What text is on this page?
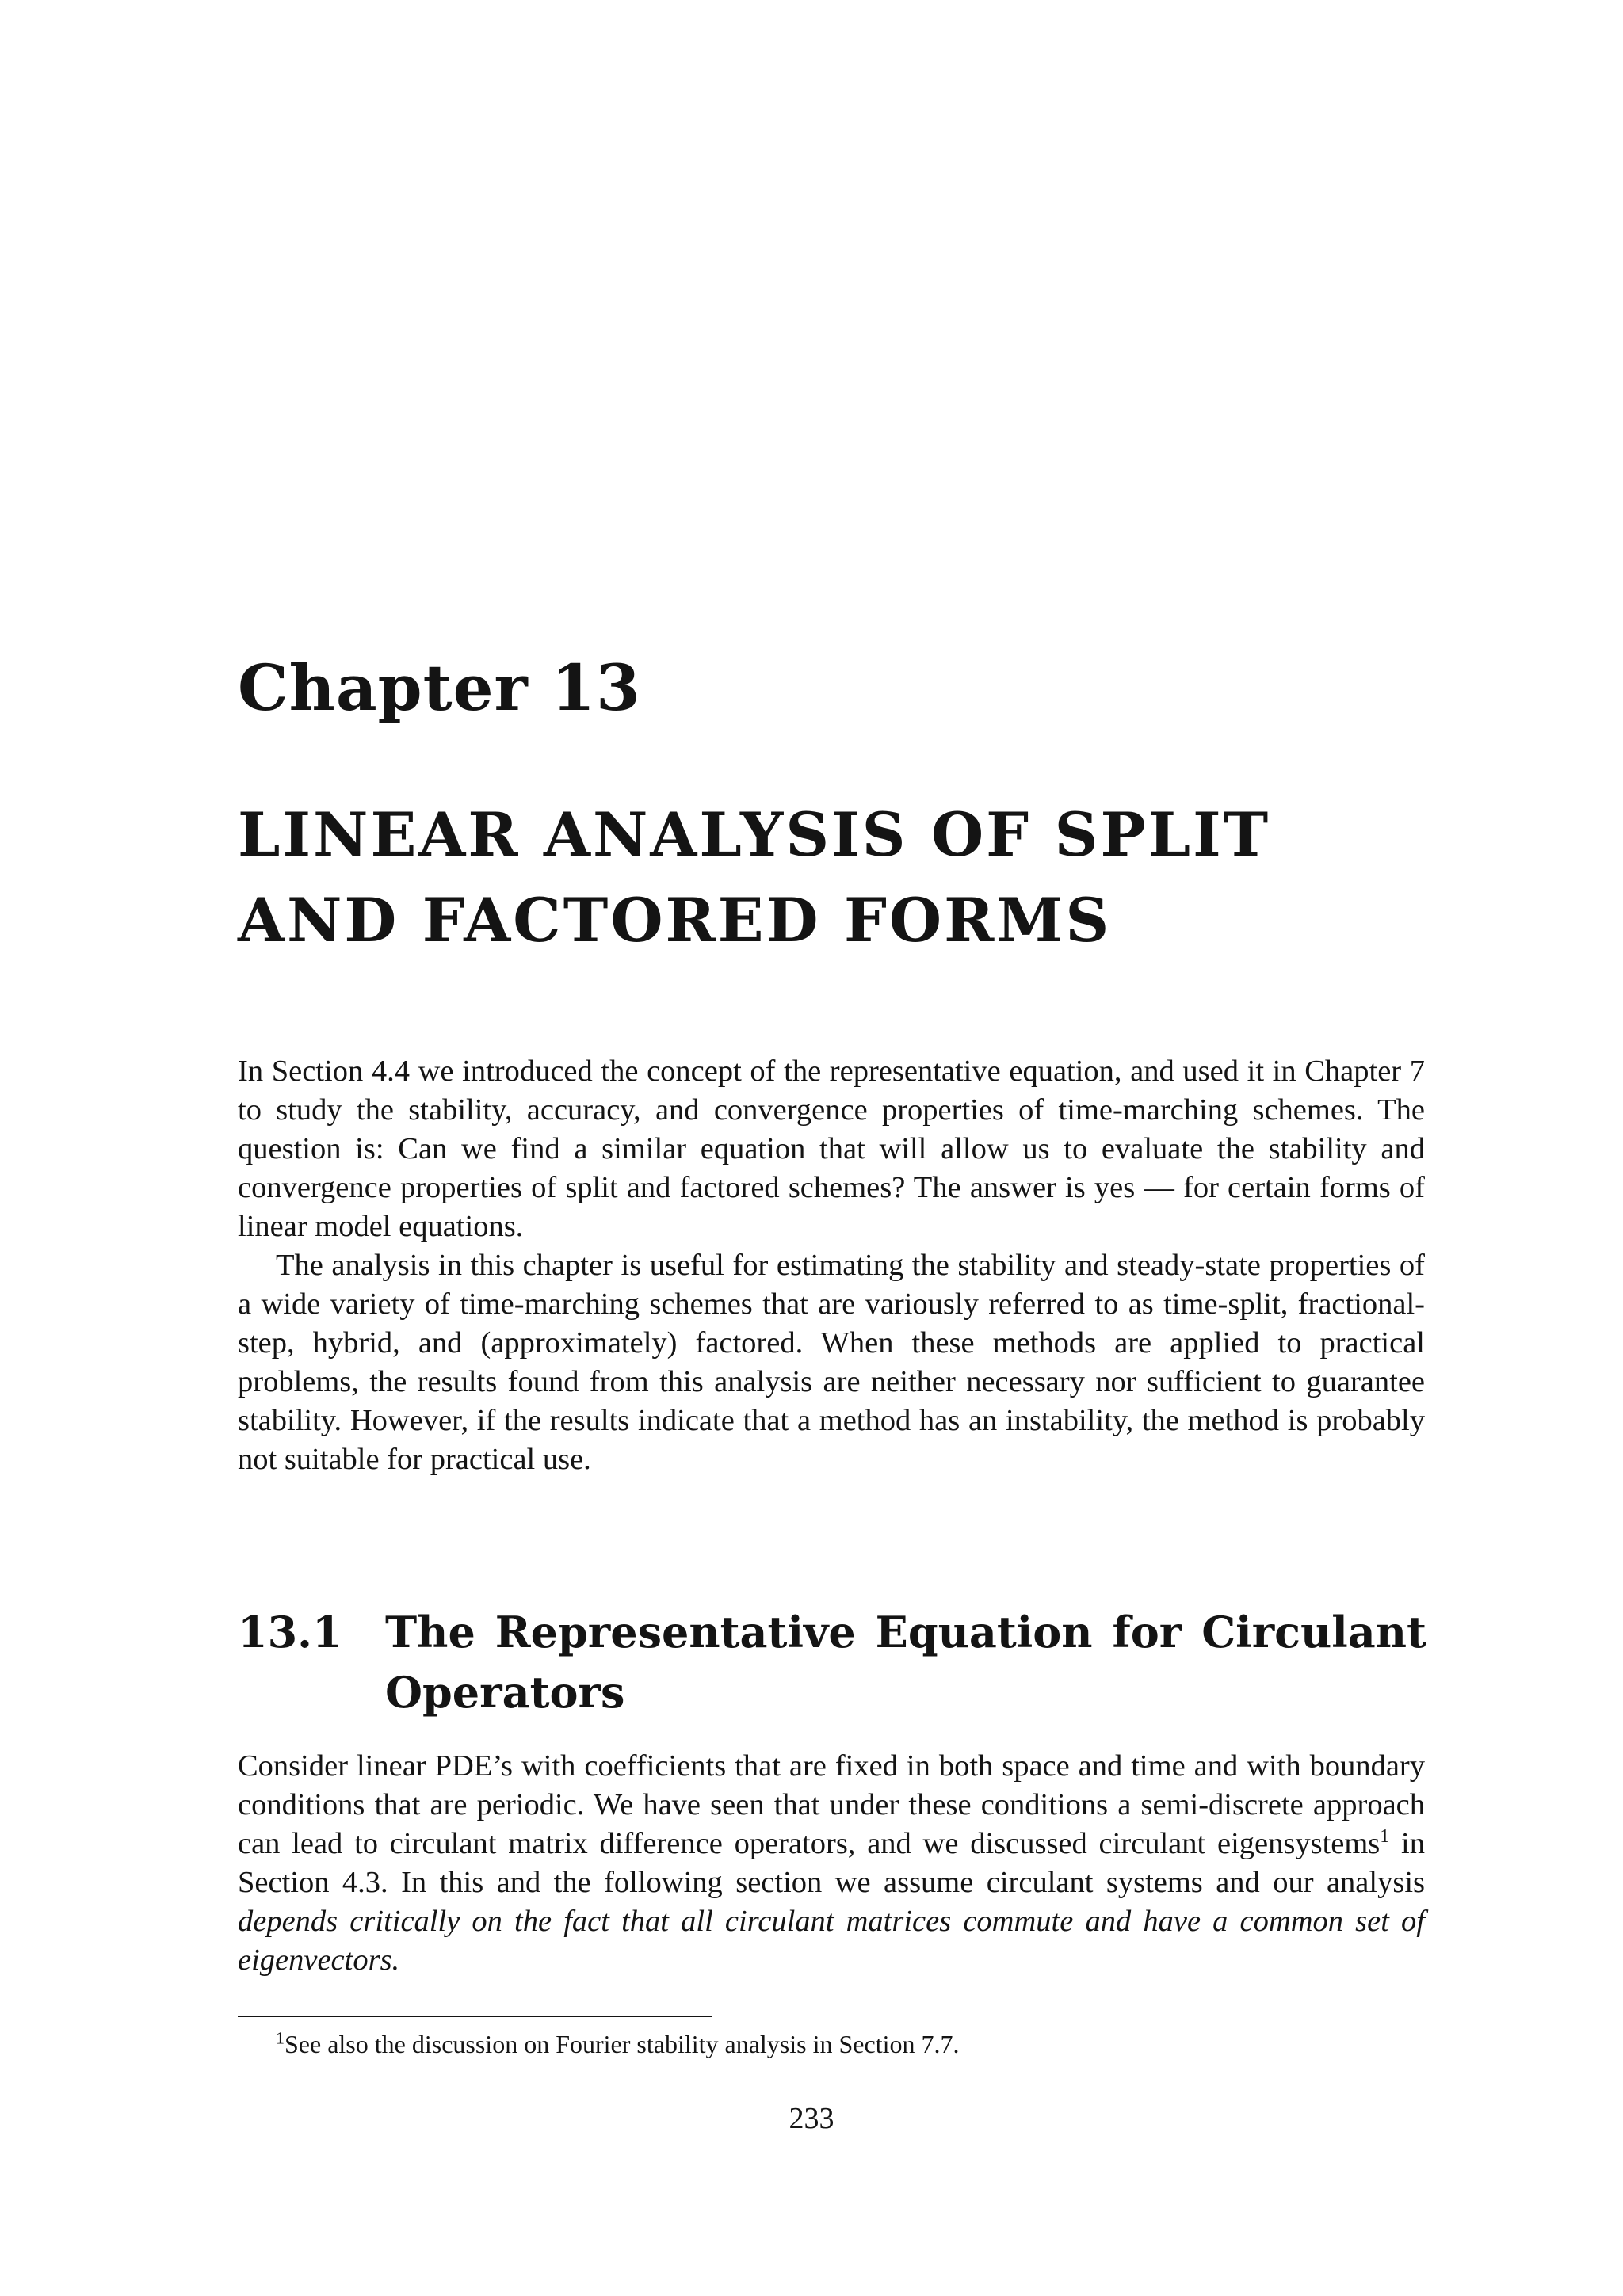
Chapter 13
LINEAR ANALYSIS OF SPLIT
AND FACTORED FORMS

In Section 4.4 we introduced the concept of the representative equation, and used it in Chapter 7 to study the stability, accuracy, and convergence properties of time-marching schemes. The question is: Can we find a similar equation that will allow us to evaluate the stability and convergence properties of split and factored schemes? The answer is yes — for certain forms of linear model equations.

The analysis in this chapter is useful for estimating the stability and steady-state properties of a wide variety of time-marching schemes that are variously referred to as time-split, fractional-step, hybrid, and (approximately) factored. When these methods are applied to practical problems, the results found from this analysis are neither necessary nor sufficient to guarantee stability. However, if the results indicate that a method has an instability, the method is probably not suitable for practical use.

13.1 The Representative Equation for Circulant
Operators

Consider linear PDE’s with coefficients that are fixed in both space and time and with boundary conditions that are periodic. We have seen that under these conditions a semi-discrete approach can lead to circulant matrix difference operators, and we discussed circulant eigensystems$^1$ in Section 4.3. In this and the following section we assume circulant systems and our analysis depends critically on the fact that all circulant matrices commute and have a common set of eigenvectors.

$^1$See also the discussion on Fourier stability analysis in Section 7.7.
233
